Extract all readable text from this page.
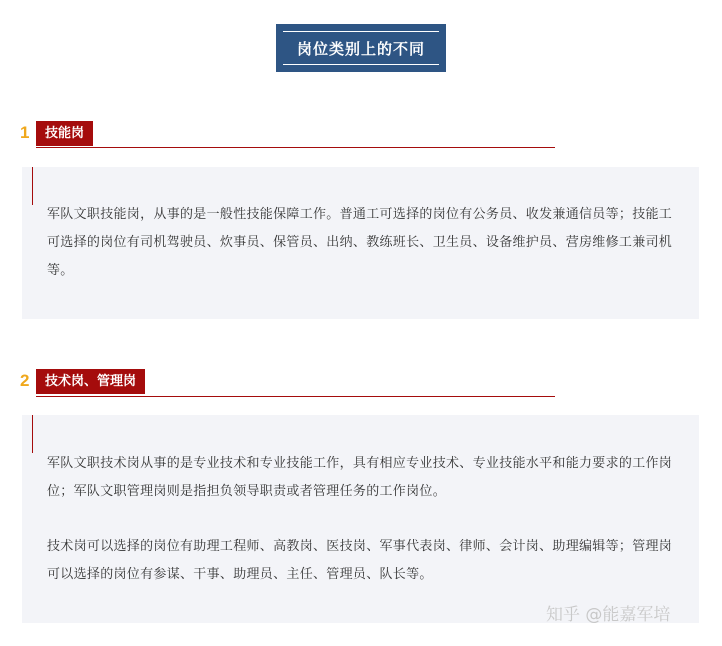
岗位类别上的不同
1	技能岗
军队文职技能岗，从事的是一般性技能保障工作。普通工可选择的岗位有公务员、收发兼通信员等；技能工可选择的岗位有司机驾驶员、炊事员、保管员、出纳、教练班长、卫生员、设备维护员、营房维修工兼司机等。
2	技术岗、管理岗
军队文职技术岗从事的是专业技术和专业技能工作，具有相应专业技术、专业技能水平和能力要求的工作岗位；军队文职管理岗则是指担负领导职责或者管理任务的工作岗位。
技术岗可以选择的岗位有助理工程师、高教岗、医技岗、军事代表岗、律师、会计岗、助理编辑等；管理岗可以选择的岗位有参谋、干事、助理员、主任、管理员、队长等。
知乎 @能嘉军培
